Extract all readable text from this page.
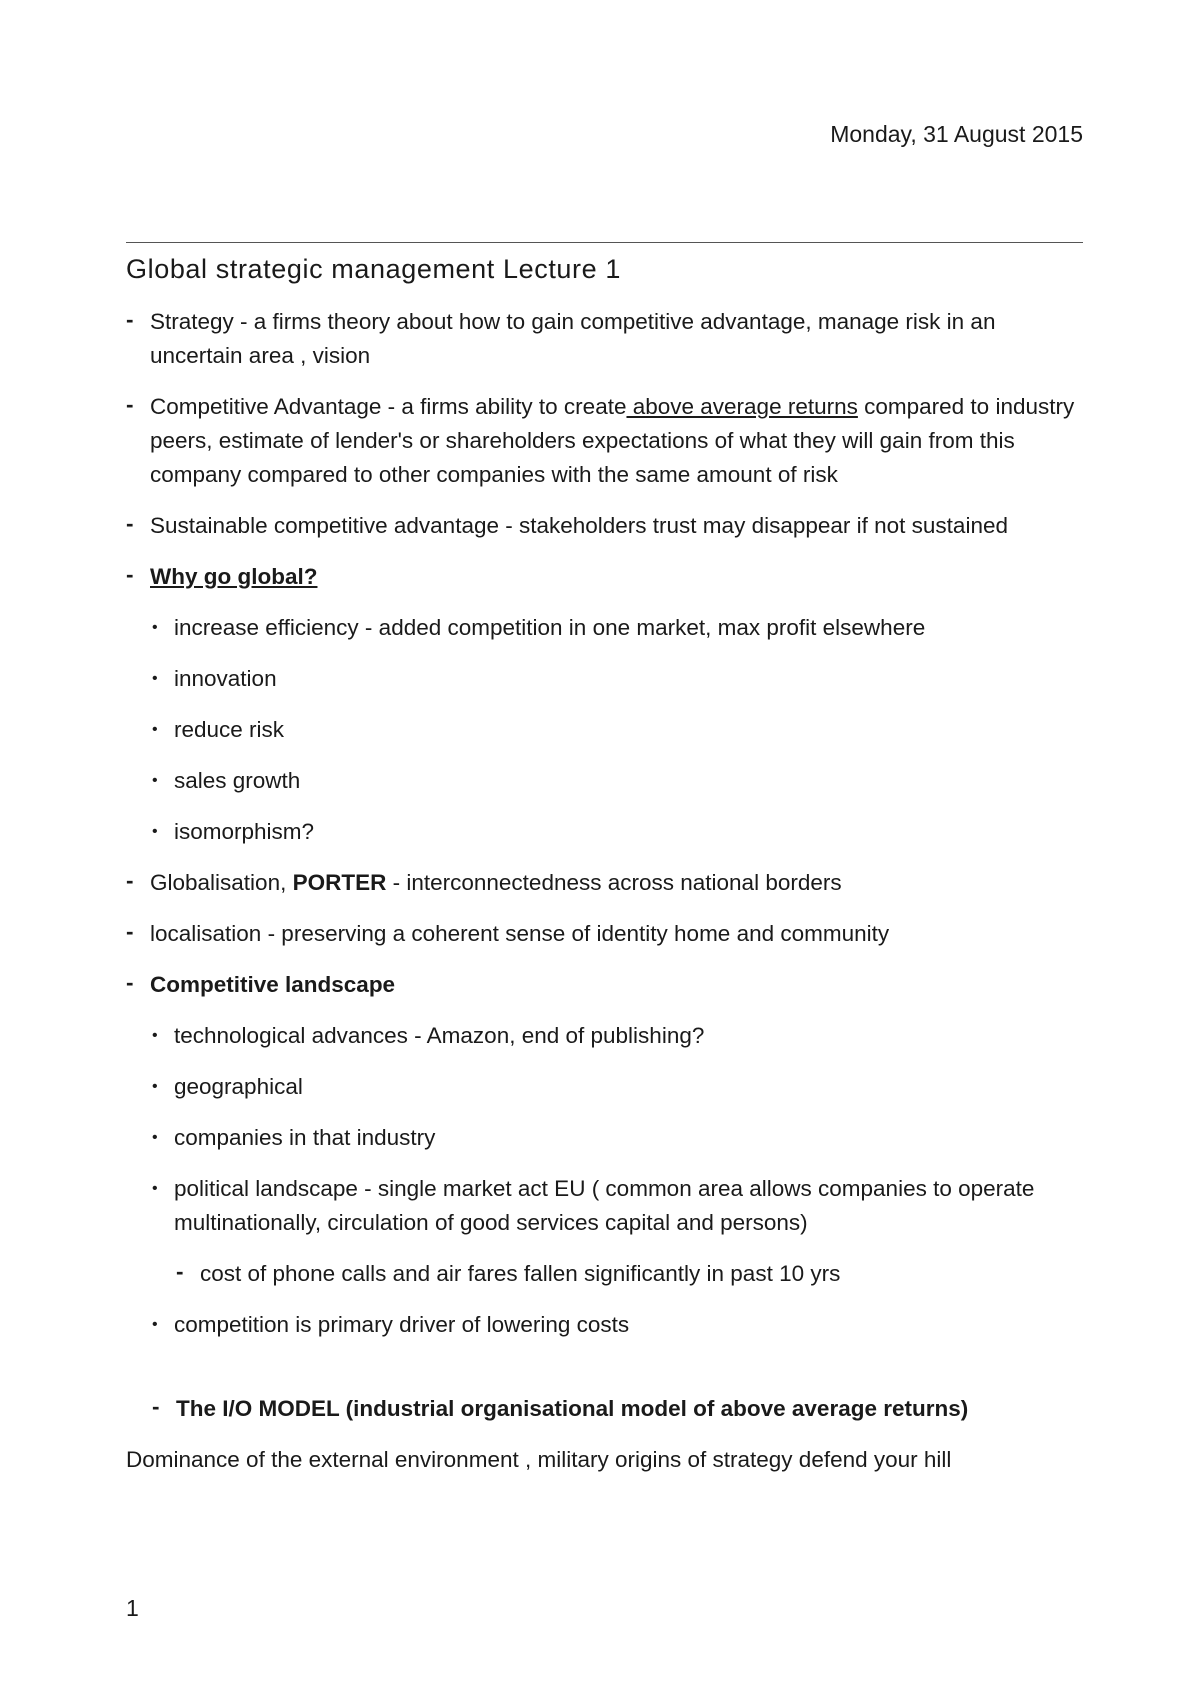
Monday, 31 August 2015
Global strategic management Lecture 1
- Strategy - a firms theory about how to gain competitive advantage, manage risk in an uncertain area , vision
- Competitive Advantage - a firms ability to create above average returns compared to industry peers, estimate of lender's or shareholders expectations of what they will gain from this company compared to other companies with the same amount of risk
- Sustainable competitive advantage - stakeholders trust may disappear if not sustained
- Why go global?
• increase efficiency - added competition in one market, max profit elsewhere
• innovation
• reduce risk
• sales growth
• isomorphism?
- Globalisation, PORTER - interconnectedness across national borders
- localisation - preserving a coherent sense of identity home and community
- Competitive landscape
• technological advances - Amazon, end of publishing?
• geographical
• companies in that industry
• political landscape - single market act EU ( common area allows companies to operate multinationally, circulation of good services capital and persons)
- cost of phone calls and air fares fallen significantly in past 10 yrs
• competition is primary driver of lowering costs
- The I/O MODEL (industrial organisational model of above average returns)
Dominance of the external environment , military origins of strategy defend your hill
1
